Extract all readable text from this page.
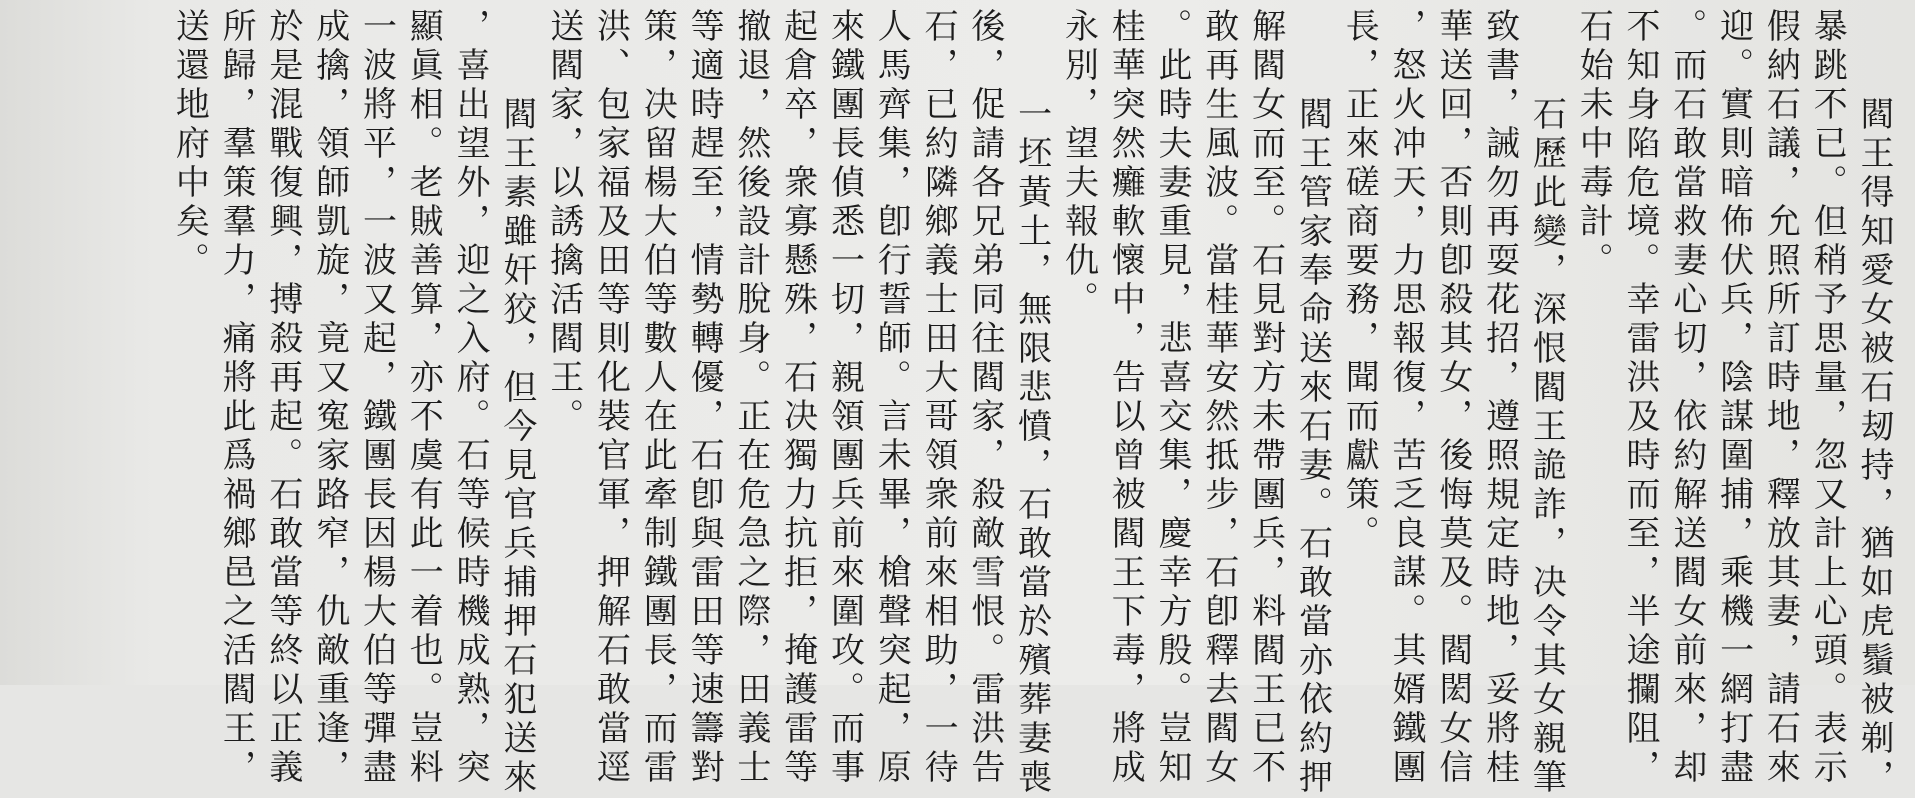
閻王得知愛女被石刼持，猶如虎鬚被剃，
暴跳不已。但稍予思量，忽又計上心頭。表示
假納石議，允照所訂時地，釋放其妻，請石來
迎。實則暗佈伏兵，陰謀圍捕，乘機一網打盡
。而石敢當救妻心切，依約解送閻女前來，却
不知身陷危境。幸雷洪及時而至，半途攔阻，
石始未中毒計。
石歷此變，深恨閻王詭詐，决令其女親筆
致書，誡勿再耍花招，遵照規定時地，妥將桂
華送回，否則卽殺其女，後悔莫及。閻閎女信
，怒火冲天，力思報復，苦乏良謀。其婿鐵團
長，正來磋商要務，聞而獻策。
閻王管家奉命送來石妻。石敢當亦依約押
解閻女而至。石見對方未帶團兵，料閻王已不
敢再生風波。當桂華安然抵步，石卽釋去閻女
。此時夫妻重見，悲喜交集，慶幸方殷。豈知
桂華突然癱軟懷中，告以曾被閻王下毒，將成
永別，望夫報仇。
一坯黃土，無限悲憤，石敢當於殯葬妻喪
後，促請各兄弟同往閻家，殺敵雪恨。雷洪告
石，已約隣鄉義士田大哥領衆前來相助，一待
人馬齊集，卽行誓師。言未畢，槍聲突起，原
來鐵團長偵悉一切，親領團兵前來圍攻。而事
起倉卒，衆寡懸殊，石决獨力抗拒，掩護雷等
撤退，然後設計脫身。正在危急之際，田義士
等適時趕至，情勢轉優，石卽與雷田等速籌對
策，决留楊大伯等數人在此牽制鐵團長，而雷
洪、包家福及田等則化裝官軍，押解石敢當逕
送閻家，以誘擒活閻王。
閻王素雖奸狡，但今見官兵捕押石犯送來
，喜出望外，迎之入府。石等候時機成熟，突
顯眞相。老賊善算，亦不虞有此一着也。豈料
一波將平，一波又起，鐵團長因楊大伯等彈盡
成擒，領師凱旋，竟又寃家路窄，仇敵重逢，
於是混戰復興，搏殺再起。石敢當等終以正義
所歸，羣策羣力，痛將此爲禍鄉邑之活閻王，
送還地府中矣。
